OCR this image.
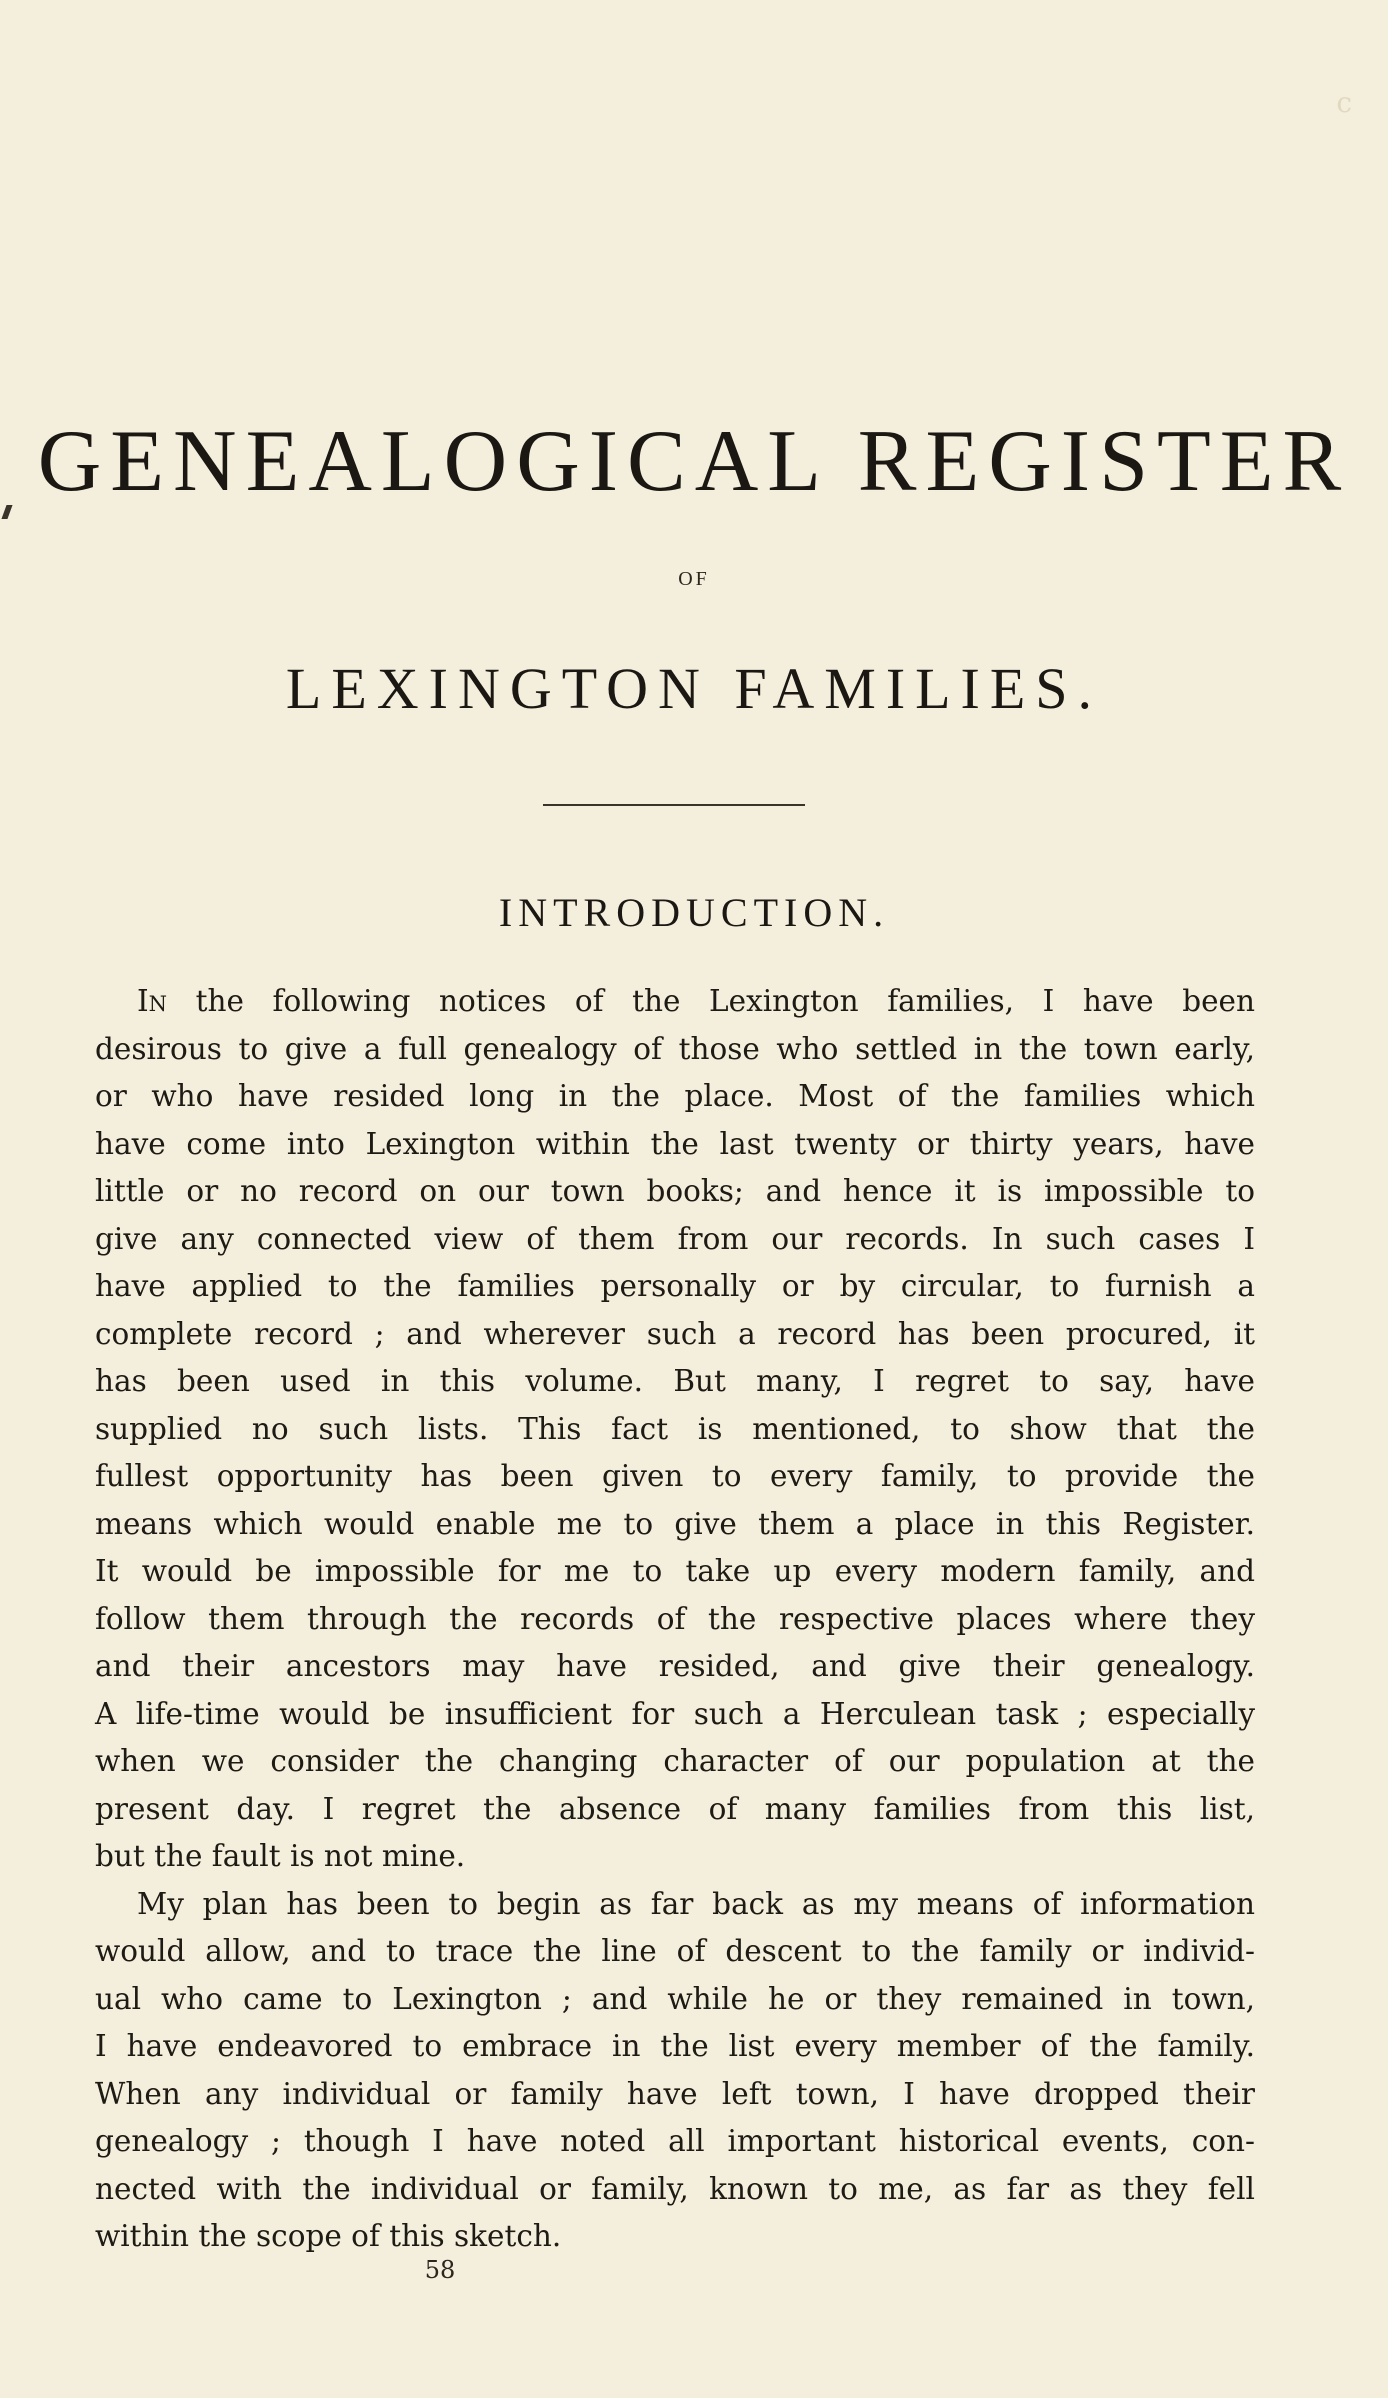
c
GENEALOGICAL REGISTER
OF
LEXINGTON FAMILIES.
INTRODUCTION.
In the following notices of the Lexington families, I have been
desirous to give a full genealogy of those who settled in the town early,
or who have resided long in the place. Most of the families which
have come into Lexington within the last twenty or thirty years, have
little or no record on our town books; and hence it is impossible to
give any connected view of them from our records. In such cases I
have applied to the families personally or by circular, to furnish a
complete record ; and wherever such a record has been procured, it
has been used in this volume. But many, I regret to say, have
supplied no such lists. This fact is mentioned, to show that the
fullest opportunity has been given to every family, to provide the
means which would enable me to give them a place in this Register.
It would be impossible for me to take up every modern family, and
follow them through the records of the respective places where they
and their ancestors may have resided, and give their genealogy.
A life-time would be insufficient for such a Herculean task ; especially
when we consider the changing character of our population at the
present day. I regret the absence of many families from this list,
but the fault is not mine.
My plan has been to begin as far back as my means of information
would allow, and to trace the line of descent to the family or individ-
ual who came to Lexington ; and while he or they remained in town,
I have endeavored to embrace in the list every member of the family.
When any individual or family have left town, I have dropped their
genealogy ; though I have noted all important historical events, con-
nected with the individual or family, known to me, as far as they fell
within the scope of this sketch.
58
